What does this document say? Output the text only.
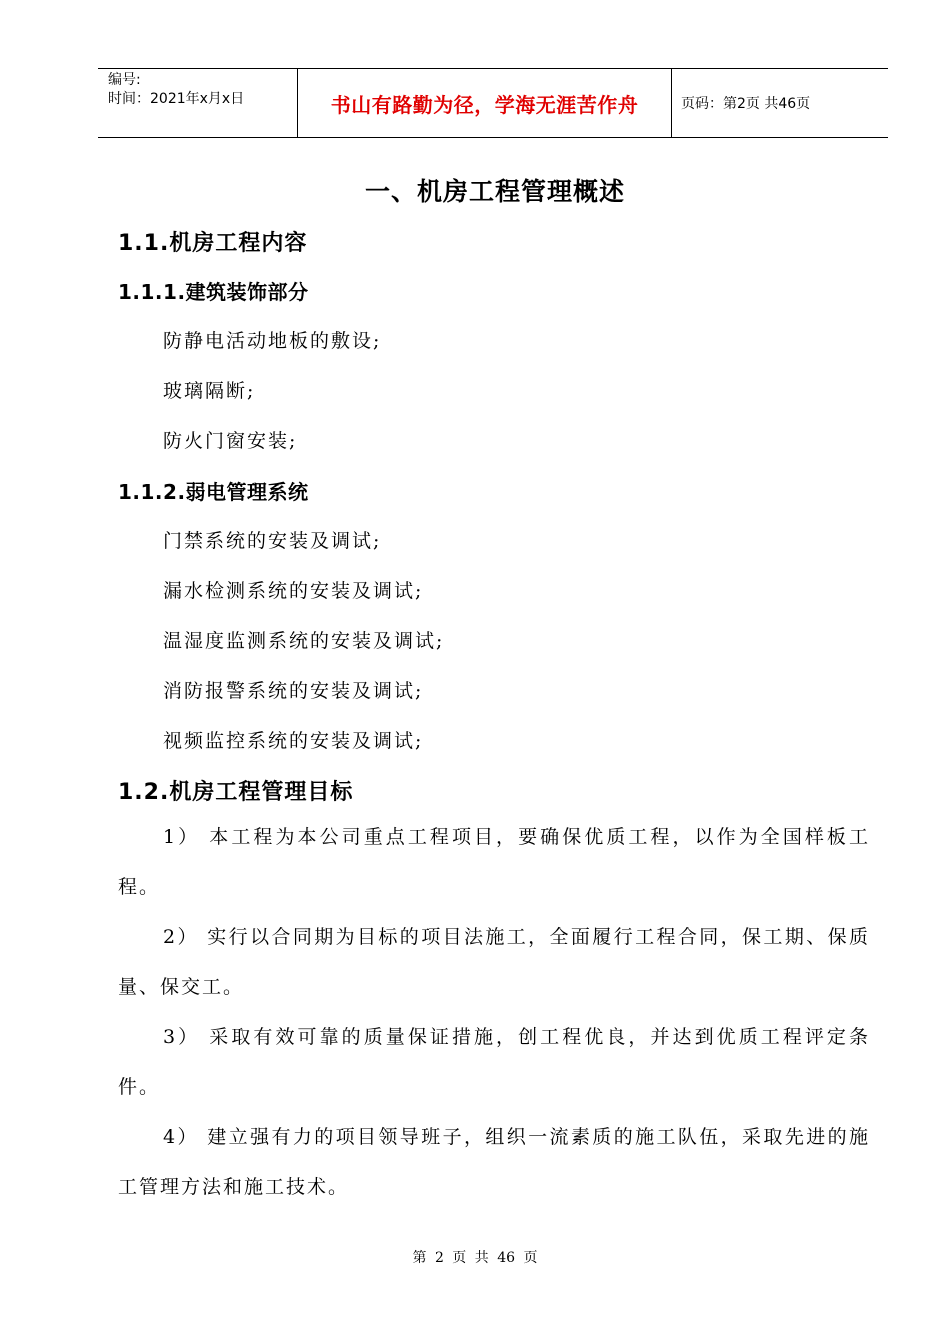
编号:
时间：2021年x月x日	书山有路勤为径，学海无涯苦作舟	页码：第2页 共46页
一、机房工程管理概述
1.1.机房工程内容
1.1.1.建筑装饰部分
防静电活动地板的敷设;
玻璃隔断;
防火门窗安装;
1.1.2.弱电管理系统
门禁系统的安装及调试;
漏水检测系统的安装及调试;
温湿度监测系统的安装及调试;
消防报警系统的安装及调试;
视频监控系统的安装及调试;
1.2.机房工程管理目标
1） 本工程为本公司重点工程项目，要确保优质工程，以作为全国样板工程。
2） 实行以合同期为目标的项目法施工，全面履行工程合同，保工期、保质量、保交工。
3） 采取有效可靠的质量保证措施，创工程优良，并达到优质工程评定条件。
4） 建立强有力的项目领导班子，组织一流素质的施工队伍，采取先进的施工管理方法和施工技术。
第 2 页 共 46 页
